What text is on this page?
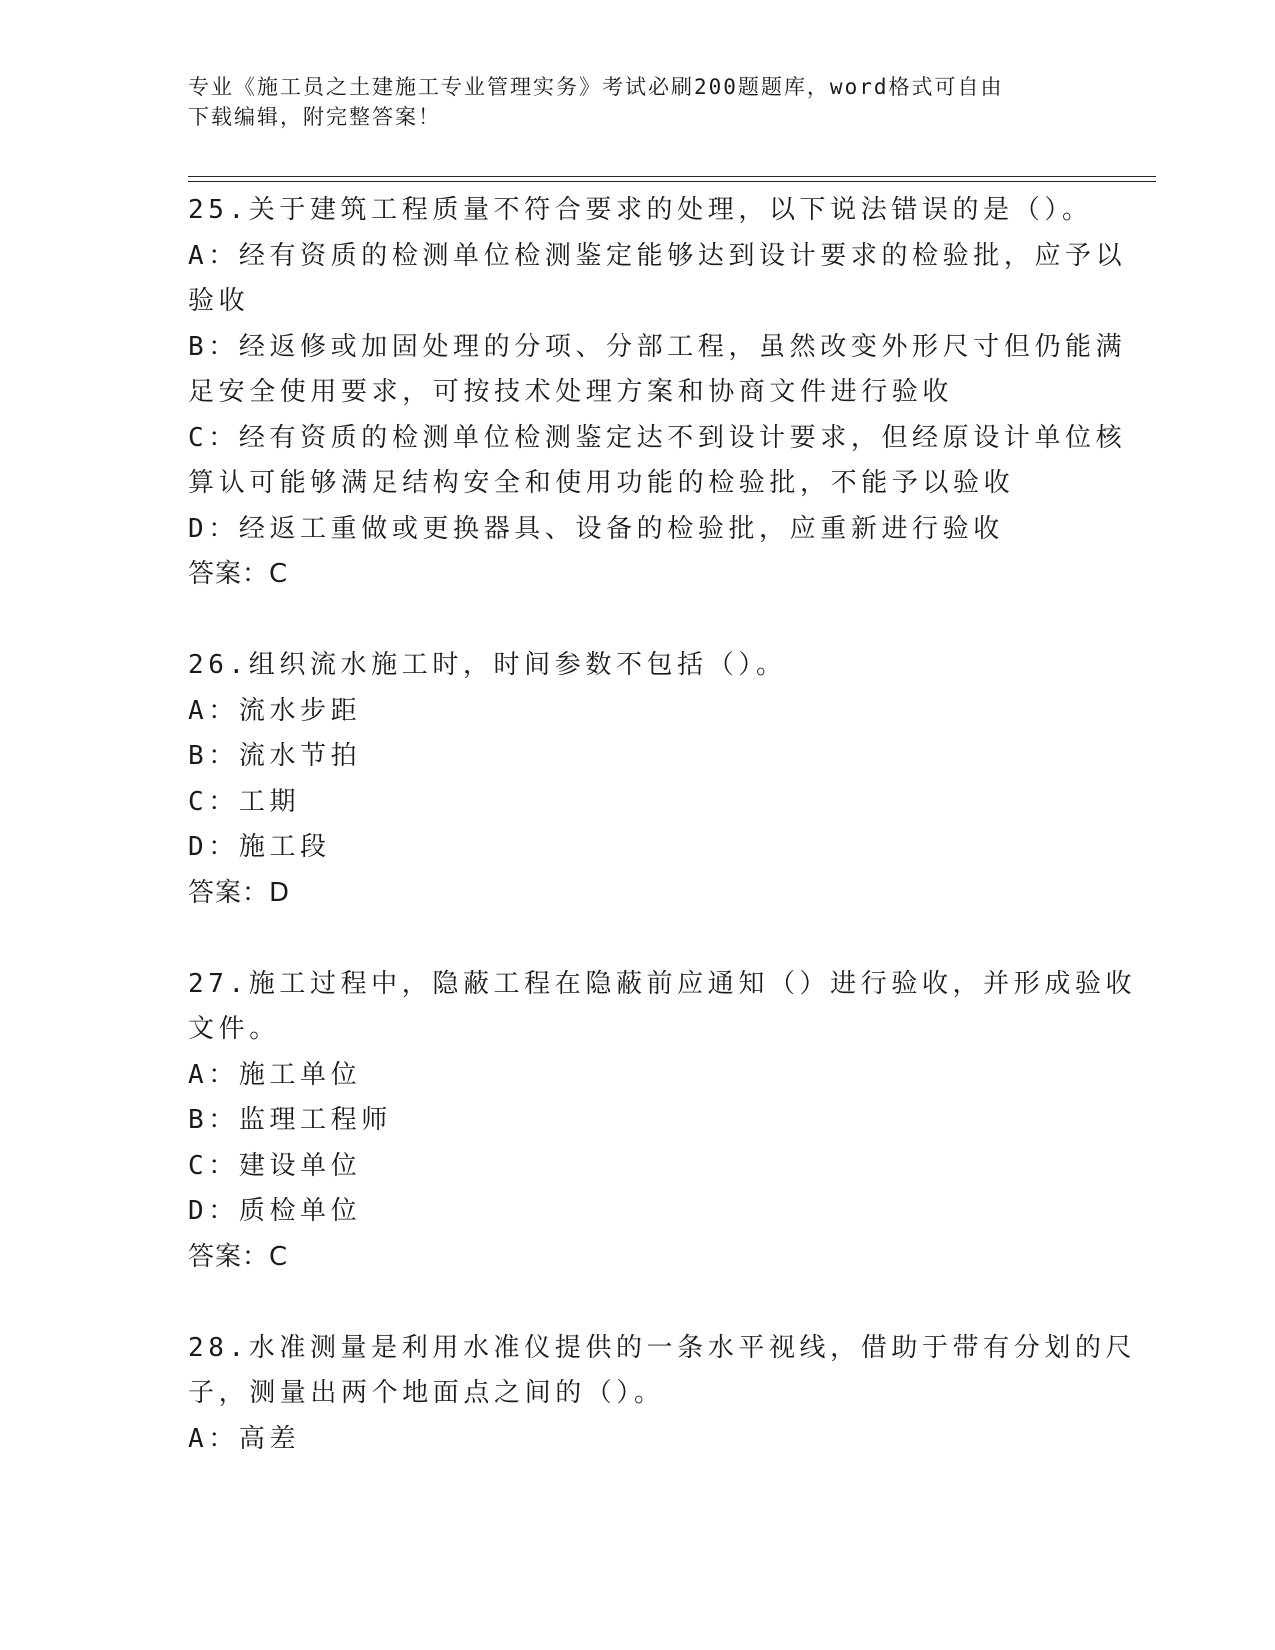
专业《施工员之土建施工专业管理实务》考试必刷200题题库，word格式可自由
下载编辑，附完整答案！
25.关于建筑工程质量不符合要求的处理，以下说法错误的是（）。
A：经有资质的检测单位检测鉴定能够达到设计要求的检验批，应予以
验收
B：经返修或加固处理的分项、分部工程，虽然改变外形尺寸但仍能满
足安全使用要求，可按技术处理方案和协商文件进行验收
C：经有资质的检测单位检测鉴定达不到设计要求，但经原设计单位核
算认可能够满足结构安全和使用功能的检验批，不能予以验收
D：经返工重做或更换器具、设备的检验批，应重新进行验收
答案：C
26.组织流水施工时，时间参数不包括（）。
A：流水步距
B：流水节拍
C：工期
D：施工段
答案：D
27.施工过程中，隐蔽工程在隐蔽前应通知（）进行验收，并形成验收
文件。
A：施工单位
B：监理工程师
C：建设单位
D：质检单位
答案：C
28.水准测量是利用水准仪提供的一条水平视线，借助于带有分划的尺
子，测量出两个地面点之间的（）。
A：高差
